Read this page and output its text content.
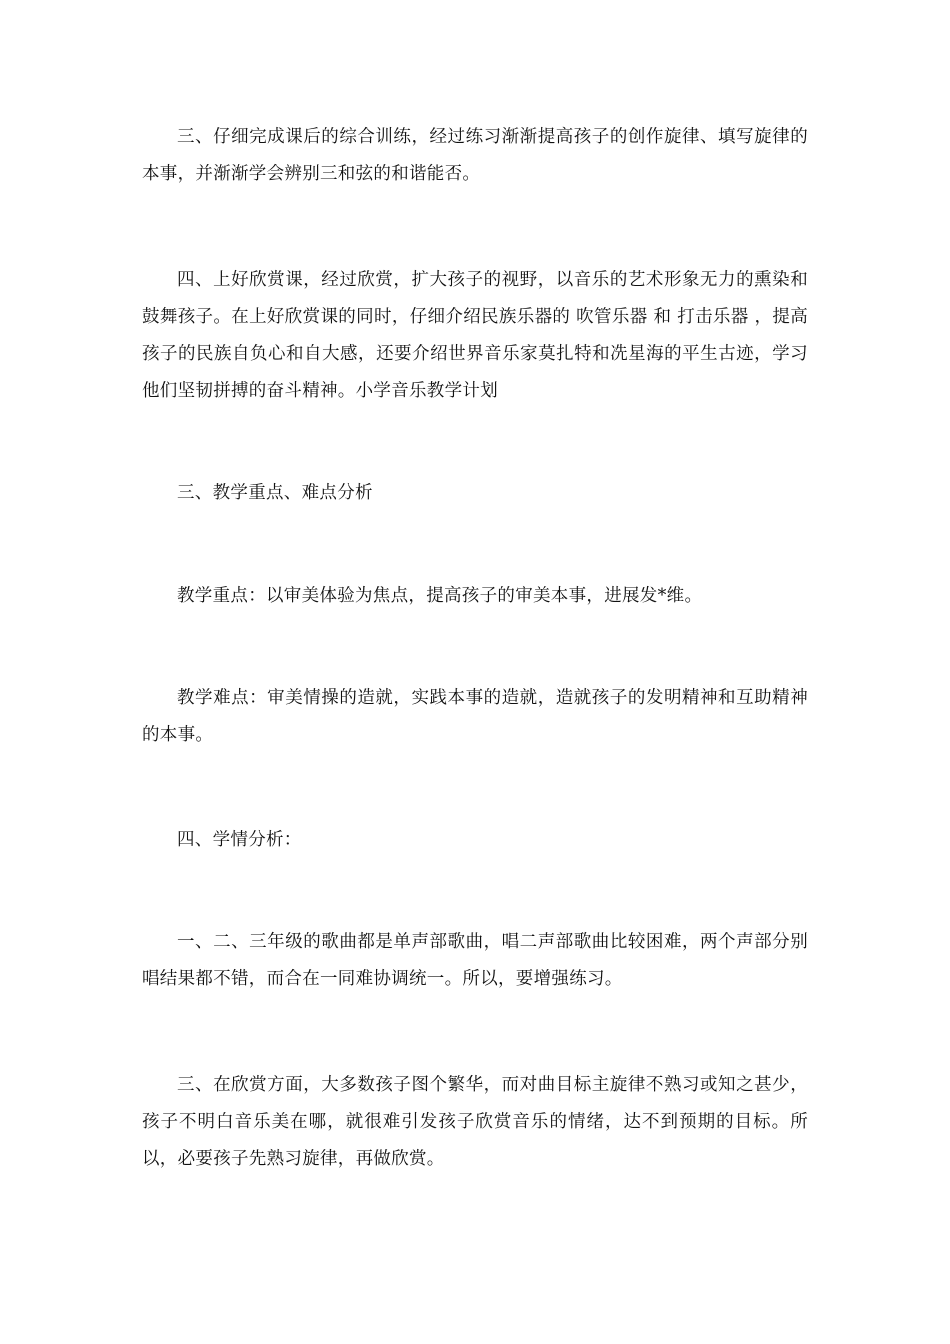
三、仔细完成课后的综合训练，经过练习渐渐提高孩子的创作旋律、填写旋律的本事，并渐渐学会辨别三和弦的和谐能否。

四、上好欣赏课，经过欣赏，扩大孩子的视野，以音乐的艺术形象无力的熏染和鼓舞孩子。在上好欣赏课的同时，仔细介绍民族乐器的 吹管乐器 和 打击乐器 ，提高孩子的民族自负心和自大感，还要介绍世界音乐家莫扎特和冼星海的平生古迹，学习他们坚韧拼搏的奋斗精神。小学音乐教学计划

三、教学重点、难点分析

教学重点：以审美体验为焦点，提高孩子的审美本事，进展发*维。

教学难点：审美情操的造就，实践本事的造就，造就孩子的发明精神和互助精神的本事。

四、学情分析：

一、二、三年级的歌曲都是单声部歌曲，唱二声部歌曲比较困难，两个声部分别唱结果都不错，而合在一同难协调统一。所以，要增强练习。

三、在欣赏方面，大多数孩子图个繁华，而对曲目标主旋律不熟习或知之甚少，孩子不明白音乐美在哪，就很难引发孩子欣赏音乐的情绪，达不到预期的目标。所以，必要孩子先熟习旋律，再做欣赏。
